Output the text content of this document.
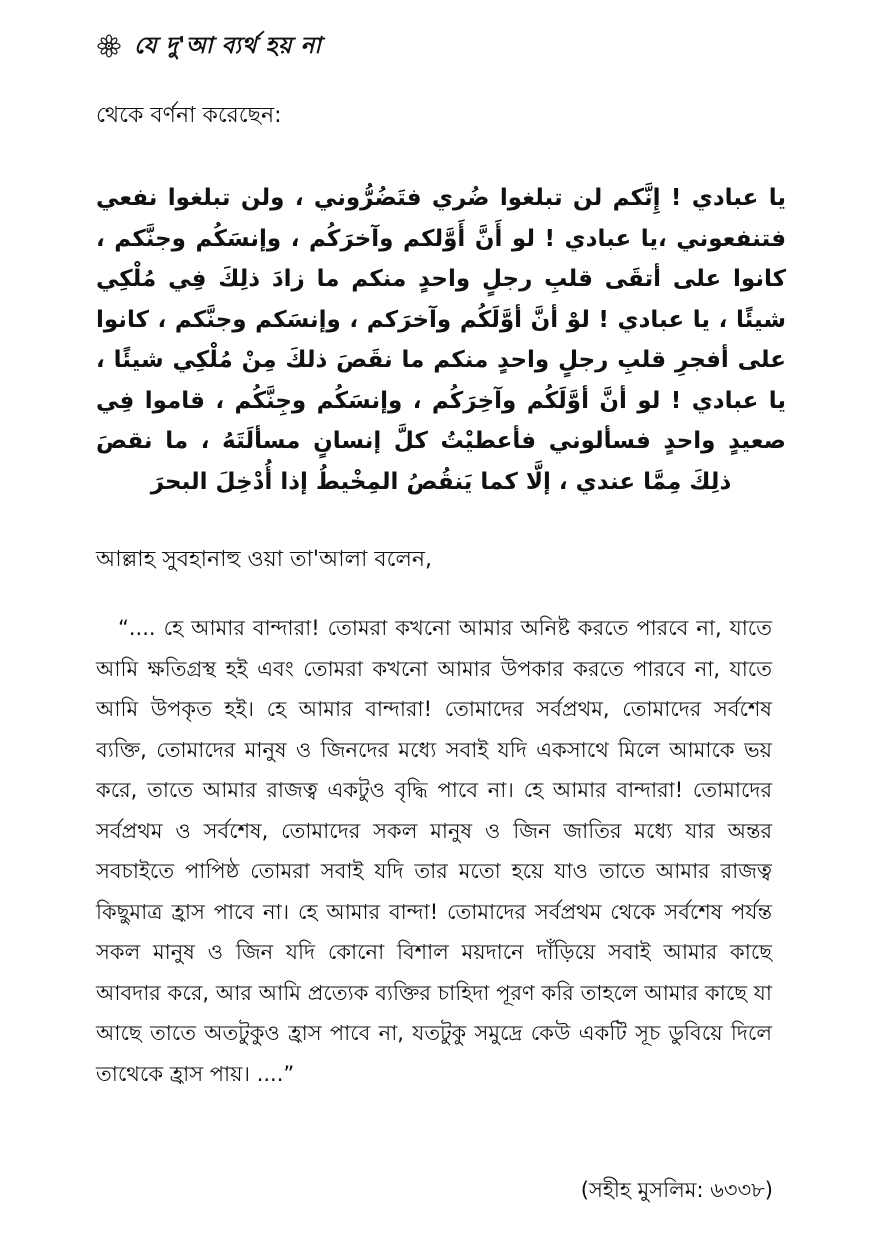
যে দু'আ ব্যর্থ হয় না
থেকে বর্ণনা করেছেন:
يا عبادي ! إِنَّكم لن تبلغوا ضُري فتَضُرُّوني ، ولن تبلغوا نفعي فتنفعوني ،يا عبادي ! لو أَنَّ أَوَّلكم وآخرَكُم ، وإنسَكُم وجنَّكم ، كانوا على أتقَى قلبِ رجلٍ واحدٍ منكم ما زادَ ذلِكَ فِي مُلْكِي شيئًا ، يا عبادي ! لوْ أنَّ أوَّلَكُم وآخرَكم ، وإنسَكم وجنَّكم ، كانوا على أفجرِ قلبِ رجلٍ واحدٍ منكم ما نقَصَ ذلكَ مِنْ مُلْكِي شيئًا ، يا عبادي ! لو أنَّ أوَّلَكُم وآخِرَكُم ، وإنسَكُم وجِنَّكُم ، قاموا فِي صعيدٍ واحدٍ فسألوني فأعطيْتُ كلَّ إنسانٍ مسألَتَهُ ، ما نقصَ ذلِكَ مِمَّا عندي ، إلَّا كما يَنقُصُ المِخْيطُ إذا أُدْخِلَ البحرَ
আল্লাহ সুবহানাহু ওয়া তা'আলা বলেন,
“.... হে আমার বান্দারা! তোমরা কখনো আমার অনিষ্ট করতে পারবে না, যাতে আমি ক্ষতিগ্রস্থ হই এবং তোমরা কখনো আমার উপকার করতে পারবে না, যাতে আমি উপকৃত হই। হে আমার বান্দারা! তোমাদের সর্বপ্রথম, তোমাদের সর্বশেষ ব্যক্তি, তোমাদের মানুষ ও জিনদের মধ্যে সবাই যদি একসাথে মিলে আমাকে ভয় করে, তাতে আমার রাজত্ব একটুও বৃদ্ধি পাবে না। হে আমার বান্দারা! তোমাদের সর্বপ্রথম ও সর্বশেষ, তোমাদের সকল মানুষ ও জিন জাতির মধ্যে যার অন্তর সবচাইতে পাপিষ্ঠ তোমরা সবাই যদি তার মতো হয়ে যাও তাতে আমার রাজত্ব কিছুমাত্র হ্রাস পাবে না। হে আমার বান্দা! তোমাদের সর্বপ্রথম থেকে সর্বশেষ পর্যন্ত সকল মানুষ ও জিন যদি কোনো বিশাল ময়দানে দাঁড়িয়ে সবাই আমার কাছে আবদার করে, আর আমি প্রত্যেক ব্যক্তির চাহিদা পূরণ করি তাহলে আমার কাছে যা আছে তাতে অতটুকুও হ্রাস পাবে না, যতটুকু সমুদ্রে কেউ একটি সূচ ডুবিয়ে দিলে তাথেকে হ্রাস পায়। ....”
(সহীহ মুসলিম: ৬৩৩৮)
